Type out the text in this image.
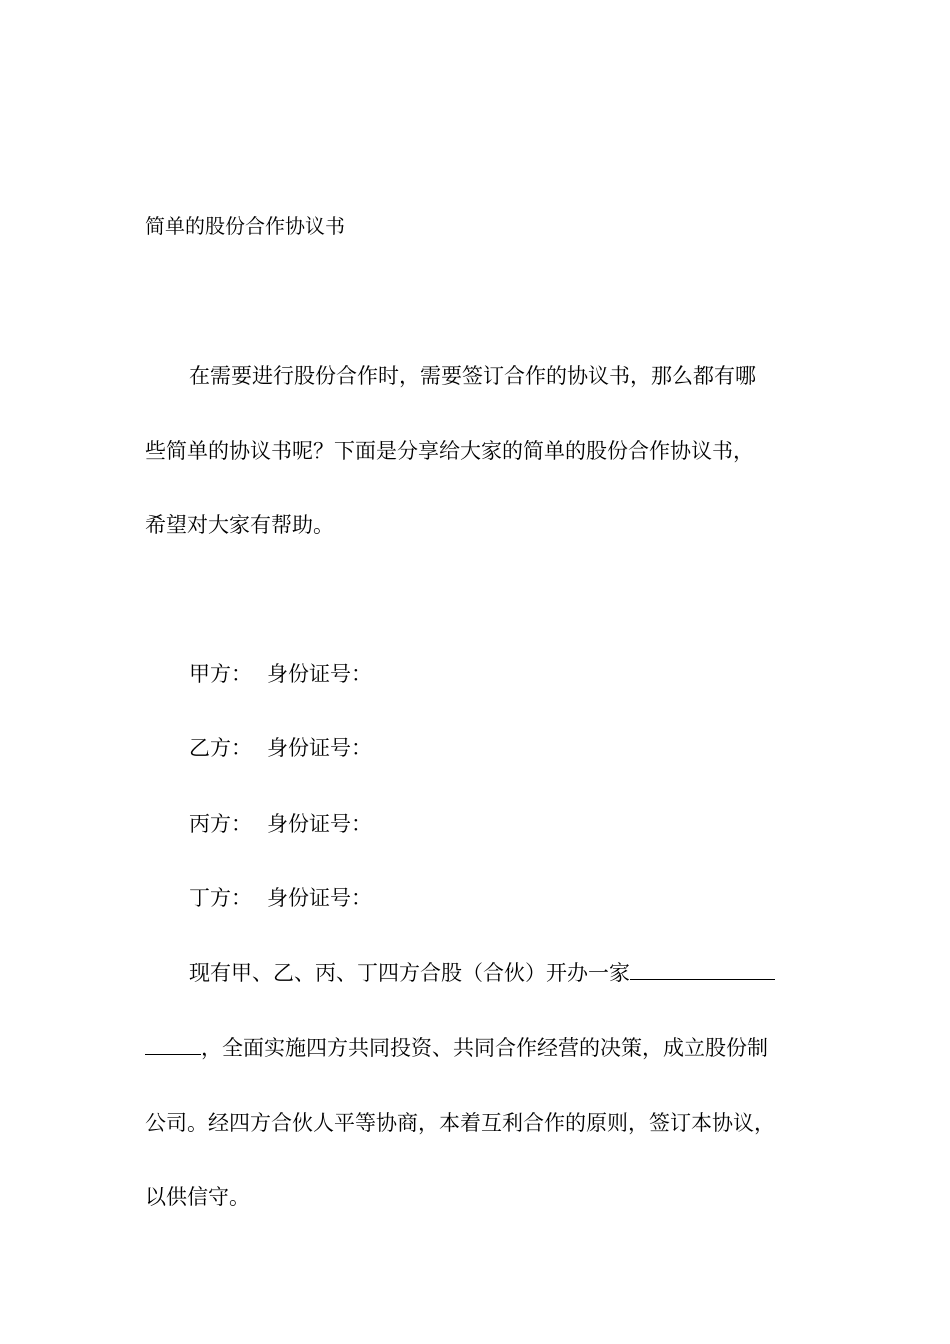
简单的股份合作协议书
在需要进行股份合作时，需要签订合作的协议书，那么都有哪
些简单的协议书呢？下面是分享给大家的简单的股份合作协议书，
希望对大家有帮助。
甲方： 身份证号：
乙方： 身份证号：
丙方： 身份证号：
丁方： 身份证号：
现有甲、乙、丙、丁四方合股（合伙）开办一家
，全面实施四方共同投资、共同合作经营的决策，成立股份制
公司。经四方合伙人平等协商，本着互利合作的原则，签订本协议，
以供信守。
